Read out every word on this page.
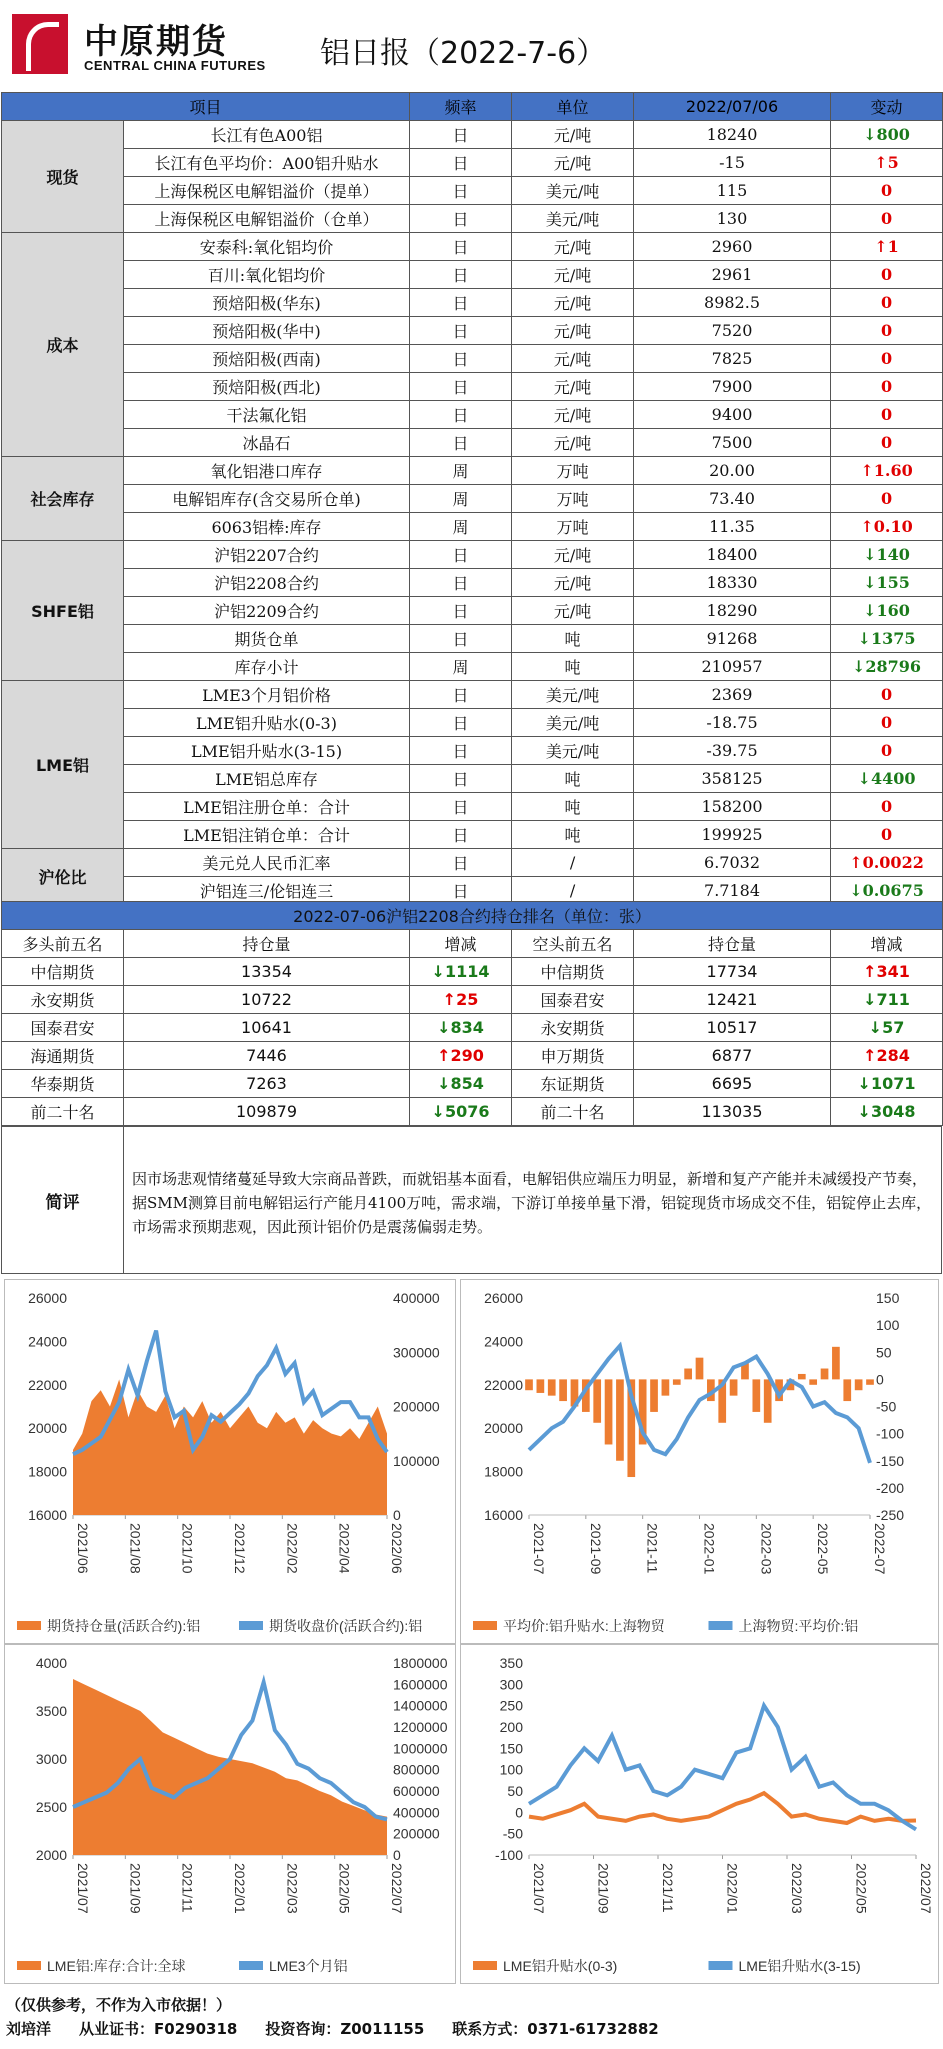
中原期货
CENTRAL CHINA FUTURES 铝日报（2022-7-6）
项目		频率	单位	2022/07/06	变动
现货	长江有色A00铝	日	元/吨	18240	↓800
	长江有色平均价：A00铝升贴水	日	元/吨	-15	↑5
	上海保税区电解铝溢价（提单）	日	美元/吨	115	0
	上海保税区电解铝溢价（仓单）	日	美元/吨	130	0
成本	安泰科:氧化铝均价	日	元/吨	2960	↑1
	百川:氧化铝均价	日	元/吨	2961	0
	预焙阳极(华东)	日	元/吨	8982.5	0
	预焙阳极(华中)	日	元/吨	7520	0
	预焙阳极(西南)	日	元/吨	7825	0
	预焙阳极(西北)	日	元/吨	7900	0
	干法氟化铝	日	元/吨	9400	0
	冰晶石	日	元/吨	7500	0
社会库存	氧化铝港口库存	周	万吨	20.00	↑1.60
	电解铝库存(含交易所仓单)	周	万吨	73.40	0
	6063铝棒:库存	周	万吨	11.35	↑0.10
SHFE铝	沪铝2207合约	日	元/吨	18400	↓140
	沪铝2208合约	日	元/吨	18330	↓155
	沪铝2209合约	日	元/吨	18290	↓160
	期货仓单	日	吨	91268	↓1375
	库存小计	周	吨	210957	↓28796
LME铝	LME3个月铝价格	日	美元/吨	2369	0
	LME铝升贴水(0-3)	日	美元/吨	-18.75	0
	LME铝升贴水(3-15)	日	美元/吨	-39.75	0
	LME铝总库存	日	吨	358125	↓4400
	LME铝注册仓单：合计	日	吨	158200	0
	LME铝注销仓单：合计	日	吨	199925	0
沪伦比	美元兑人民币汇率	日	/	6.7032	↑0.0022
	沪铝连三/伦铝连三	日	/	7.7184	↓0.0675
2022-07-06沪铝2208合约持仓排名（单位：张）					
多头前五名	持仓量	增减	空头前五名	持仓量	增减
中信期货	13354	↓1114	中信期货	17734	↑341
永安期货	10722	↑25	国泰君安	12421	↓711
国泰君安	10641	↓834	永安期货	10517	↓57
海通期货	7446	↑290	申万期货	6877	↑284
华泰期货	7263	↓854	东证期货	6695	↓1071
前二十名	109879	↓5076	前二十名	113035	↓3048
简评
因市场悲观情绪蔓延导致大宗商品普跌，而就铝基本面看，电解铝供应端压力明显，新增和复产产能并未减缓投产节奏，据SMM测算目前电解铝运行产能月4100万吨，需求端，下游订单接单量下滑，铝锭现货市场成交不佳，铝锭停止去库，市场需求预期悲观，因此预计铝价仍是震荡偏弱走势。
26000
24000
22000
20000
18000
16000
400000
300000
200000
100000
0
2021/06	2021/08	2021/10	2021/12	2022/02	2022/04	2022/06
期货持仓量(活跃合约):铝	期货收盘价(活跃合约):铝
26000
24000
22000
20000
18000
16000
150
100
50
0
-50
-100
-150
-200
-250
2021-07	2021-09	2021-11	2022-01	2022-03	2022-05	2022-07
平均价:铝升贴水:上海物贸	上海物贸:平均价:铝
4000
3500
3000
2500
2000
1800000
1600000
1400000
1200000
1000000
800000
600000
400000
200000
0
2021/07	2021/09	2021/11	2022/01	2022/03	2022/05	2022/07
LME铝:库存:合计:全球	LME3个月铝
350
300
250
200
150
100
50
0
-50
-100
2021/07	2021/09	2021/11	2022/01	2022/03	2022/05	2022/07
LME铝升贴水(0-3)	LME铝升贴水(3-15)
（仅供参考，不作为入市依据！）
刘培洋 从业证书：F0290318 投资咨询：Z0011155 联系方式：0371-61732882
